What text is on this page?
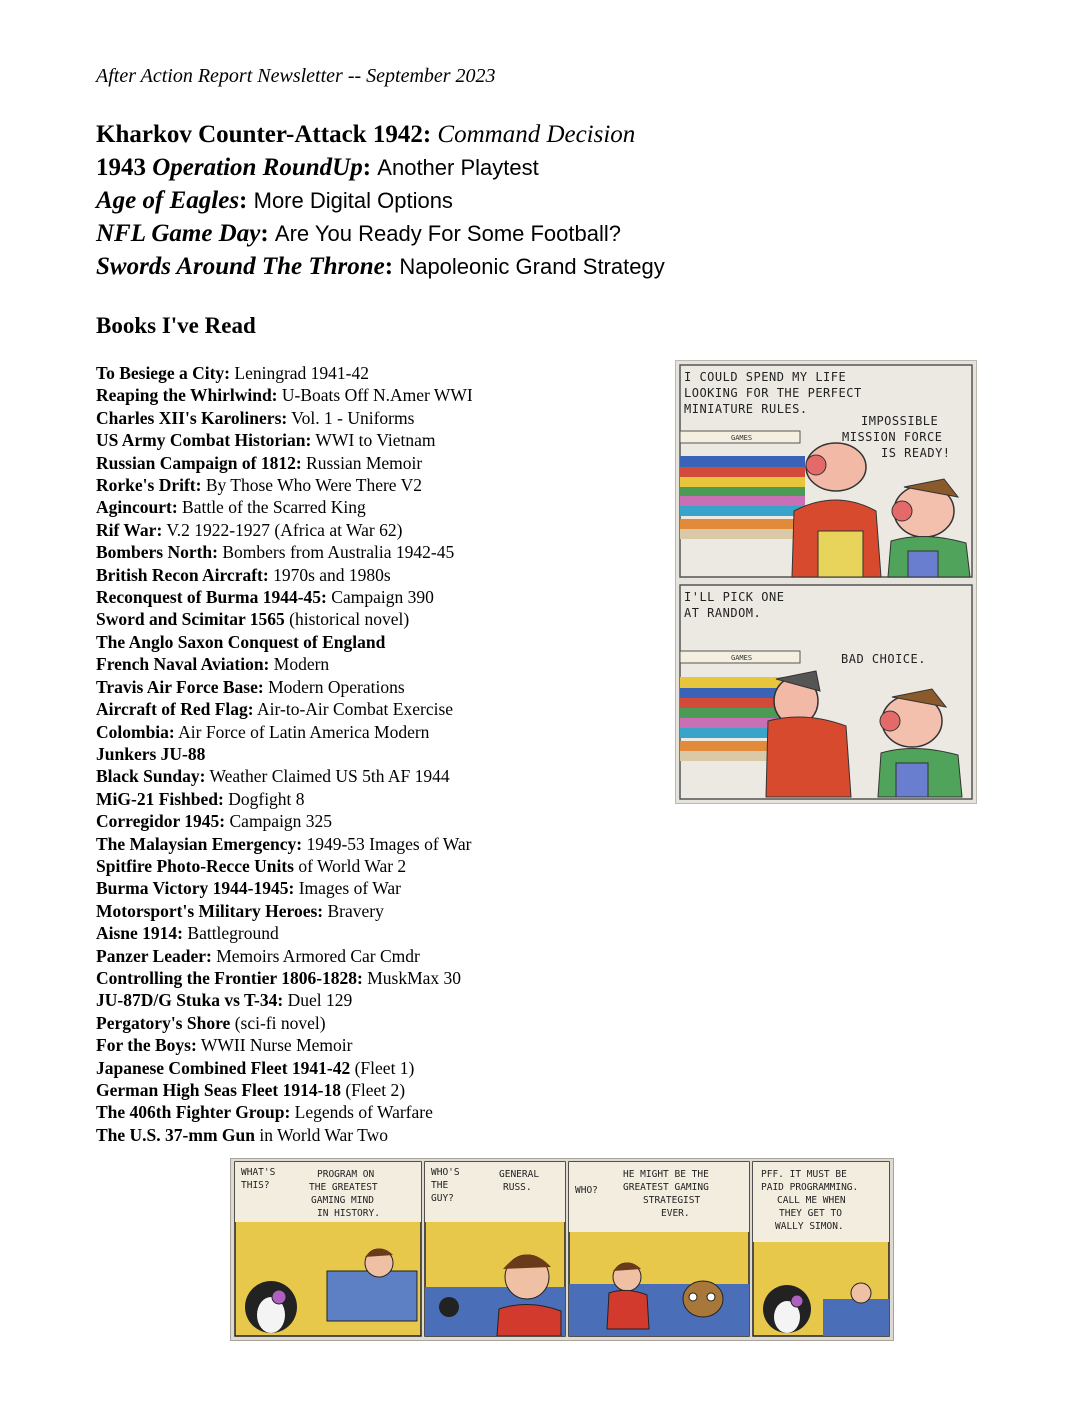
After Action Report Newsletter -- September 2023
Kharkov Counter-Attack 1942: Command Decision
1943 Operation RoundUp: Another Playtest
Age of Eagles: More Digital Options
NFL Game Day: Are You Ready For Some Football?
Swords Around The Throne: Napoleonic Grand Strategy
Books I've Read
To Besiege a City: Leningrad 1941-42
Reaping the Whirlwind: U-Boats Off N.Amer WWI
Charles XII's Karoliners: Vol. 1 - Uniforms
US Army Combat Historian: WWI to Vietnam
Russian Campaign of 1812: Russian Memoir
Rorke's Drift: By Those Who Were There V2
Agincourt: Battle of the Scarred King
Rif War: V.2 1922-1927 (Africa at War 62)
Bombers North: Bombers from Australia 1942-45
British Recon Aircraft: 1970s and 1980s
Reconquest of Burma 1944-45: Campaign 390
Sword and Scimitar 1565 (historical novel)
The Anglo Saxon Conquest of England
French Naval Aviation: Modern
Travis Air Force Base: Modern Operations
Aircraft of Red Flag: Air-to-Air Combat Exercise
Colombia: Air Force of Latin America Modern
Junkers JU-88
Black Sunday: Weather Claimed US 5th AF 1944
MiG-21 Fishbed: Dogfight 8
Corregidor 1945: Campaign 325
The Malaysian Emergency: 1949-53 Images of War
Spitfire Photo-Recce Units of World War 2
Burma Victory 1944-1945: Images of War
Motorsport's Military Heroes: Bravery
Aisne 1914: Battleground
Panzer Leader: Memoirs Armored Car Cmdr
Controlling the Frontier 1806-1828: MuskMax 30
JU-87D/G Stuka vs T-34: Duel 129
Pergatory's Shore (sci-fi novel)
For the Boys: WWII Nurse Memoir
Japanese Combined Fleet 1941-42 (Fleet 1)
German High Seas Fleet 1914-18 (Fleet 2)
The 406th Fighter Group: Legends of Warfare
The U.S. 37-mm Gun in World War Two
I COULD SPEND MY LIFE
LOOKING FOR THE PERFECT
MINIATURE RULES.
IMPOSSIBLE
MISSION FORCE
IS READY!
GAMES
I'LL PICK ONE
AT RANDOM.
BAD CHOICE.
GAMES
WHAT'S
THIS?
PROGRAM ON
THE GREATEST
GAMING MIND
IN HISTORY.
WHO'S
THE
GUY?
GENERAL
RUSS.	WHO?
HE MIGHT BE THE
GREATEST GAMING
STRATEGIST
EVER.
PFF. IT MUST BE
PAID PROGRAMMING.
CALL ME WHEN
THEY GET TO
WALLY SIMON.
